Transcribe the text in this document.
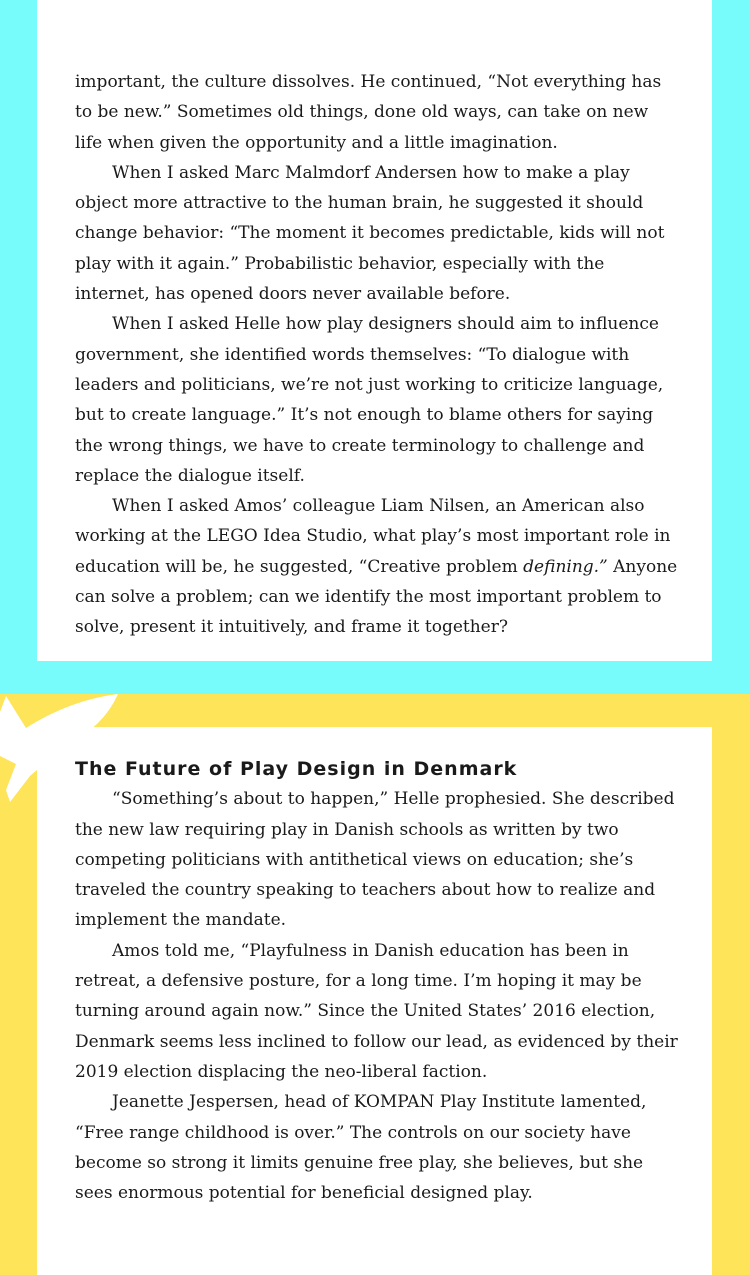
important, the culture dissolves. He continued, “Not everything has to be new.” Sometimes old things, done old ways, can take on new life when given the opportunity and a little imagination.

When I asked Marc Malmdorf Andersen how to make a play object more attractive to the human brain, he suggested it should change behavior: “The moment it becomes predictable, kids will not play with it again.” Probabilistic behavior, especially with the internet, has opened doors never available before.

When I asked Helle how play designers should aim to influence government, she identified words themselves: “To dialogue with leaders and politicians, we’re not just working to criticize language, but to create language.” It’s not enough to blame others for saying the wrong things, we have to create terminology to challenge and replace the dialogue itself.

When I asked Amos’ colleague Liam Nilsen, an American also working at the LEGO Idea Studio, what play’s most important role in education will be, he suggested, “Creative problem defining.” Anyone can solve a problem; can we identify the most important problem to solve, present it intuitively, and frame it together?

The Future of Play Design in Denmark

“Something’s about to happen,” Helle prophesied. She described the new law requiring play in Danish schools as written by two competing politicians with antithetical views on education; she’s traveled the country speaking to teachers about how to realize and implement the mandate.

Amos told me, “Playfulness in Danish education has been in retreat, a defensive posture, for a long time. I’m hoping it may be turning around again now.” Since the United States’ 2016 election, Denmark seems less inclined to follow our lead, as evidenced by their 2019 election displacing the neo-liberal faction.

Jeanette Jespersen, head of KOMPAN Play Institute lamented, “Free range childhood is over.” The controls on our society have become so strong it limits genuine free play, she believes, but she sees enormous potential for beneficial designed play.
